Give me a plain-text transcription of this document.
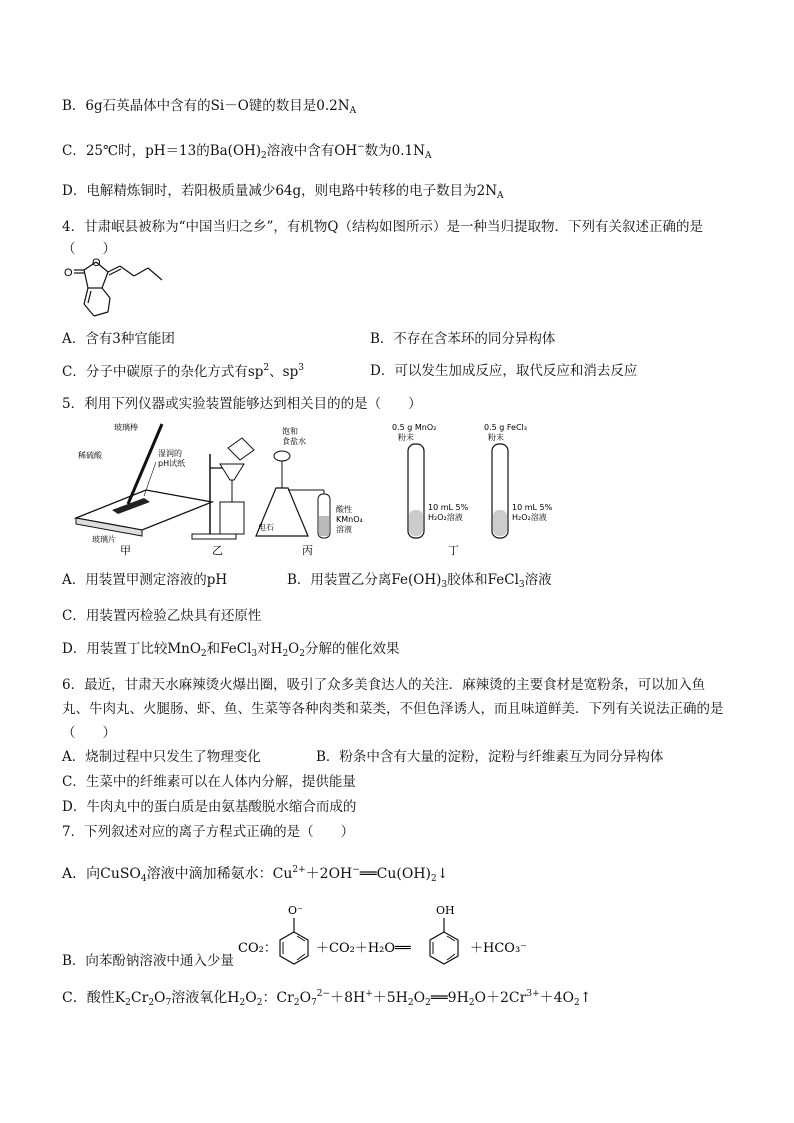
B．6g石英晶体中含有的Si－O键的数目是$0.2N_A$
C．25℃时，pH＝13的$Ba(OH)_2$溶液中含有OH−数为$0.1N_A$
D．电解精炼铜时，若阳极质量减少64g，则电路中转移的电子数目为$2N_A$
4．甘肃岷县被称为“中国当归之乡”，有机物Q（结构如图所示）是一种当归提取物．下列有关叙述正确的是（　　）
O
O
A．含有3种官能团	B．不存在含苯环的同分异构体
C．分子中碳原子的杂化方式有$sp^2$、$sp^3$	D．可以发生加成反应，取代反应和消去反应
5．利用下列仪器或实验装置能够达到相关目的的是（　　）
玻璃棒
稀硫酸	湿润的
pH试纸
玻璃片
甲	乙
饱和
食盐水
电石
酸性
KMnO₄
溶液
丙
0.5 g MnO₂
粉末
10 mL 5%
H₂O₂溶液
0.5 g FeCl₃
粉末
10 mL 5%
H₂O₂溶液
丁
A．用装置甲测定溶液的pH	B．用装置乙分离$Fe(OH)_3$胶体和FeCl$_3$溶液
C．用装置丙检验乙炔具有还原性
D．用装置丁比较MnO$_2$和FeCl$_3$对$H_2O_2$分解的催化效果
6．最近，甘肃天水麻辣烫火爆出圈，吸引了众多美食达人的关注．麻辣烫的主要食材是宽粉条，可以加入鱼丸、牛肉丸、火腿肠、虾、鱼、生菜等各种肉类和菜类，不但色泽诱人，而且味道鲜美．下列有关说法正确的是（　　）
A．烧制过程中只发生了物理变化	B．粉条中含有大量的淀粉，淀粉与纤维素互为同分异构体
C．生菜中的纤维素可以在人体内分解，提供能量
D．牛肉丸中的蛋白质是由氨基酸脱水缩合而成的
7．下列叙述对应的离子方程式正确的是（　　）
A．向CuSO$_4$溶液中滴加稀氨水：$Cu^{2+}+2OH^-══Cu(OH)_2↓$
B．向苯酚钠溶液中通入少量
CO₂：
O⁻
＋CO₂＋H₂O══
OH
＋HCO₃⁻
C．酸性$K_2Cr_2O_7$溶液氧化$H_2O_2$：$Cr_2O_7^{2-}+8H^++5H_2O_2══9H_2O+2Cr^{3+}+4O_2↑$
